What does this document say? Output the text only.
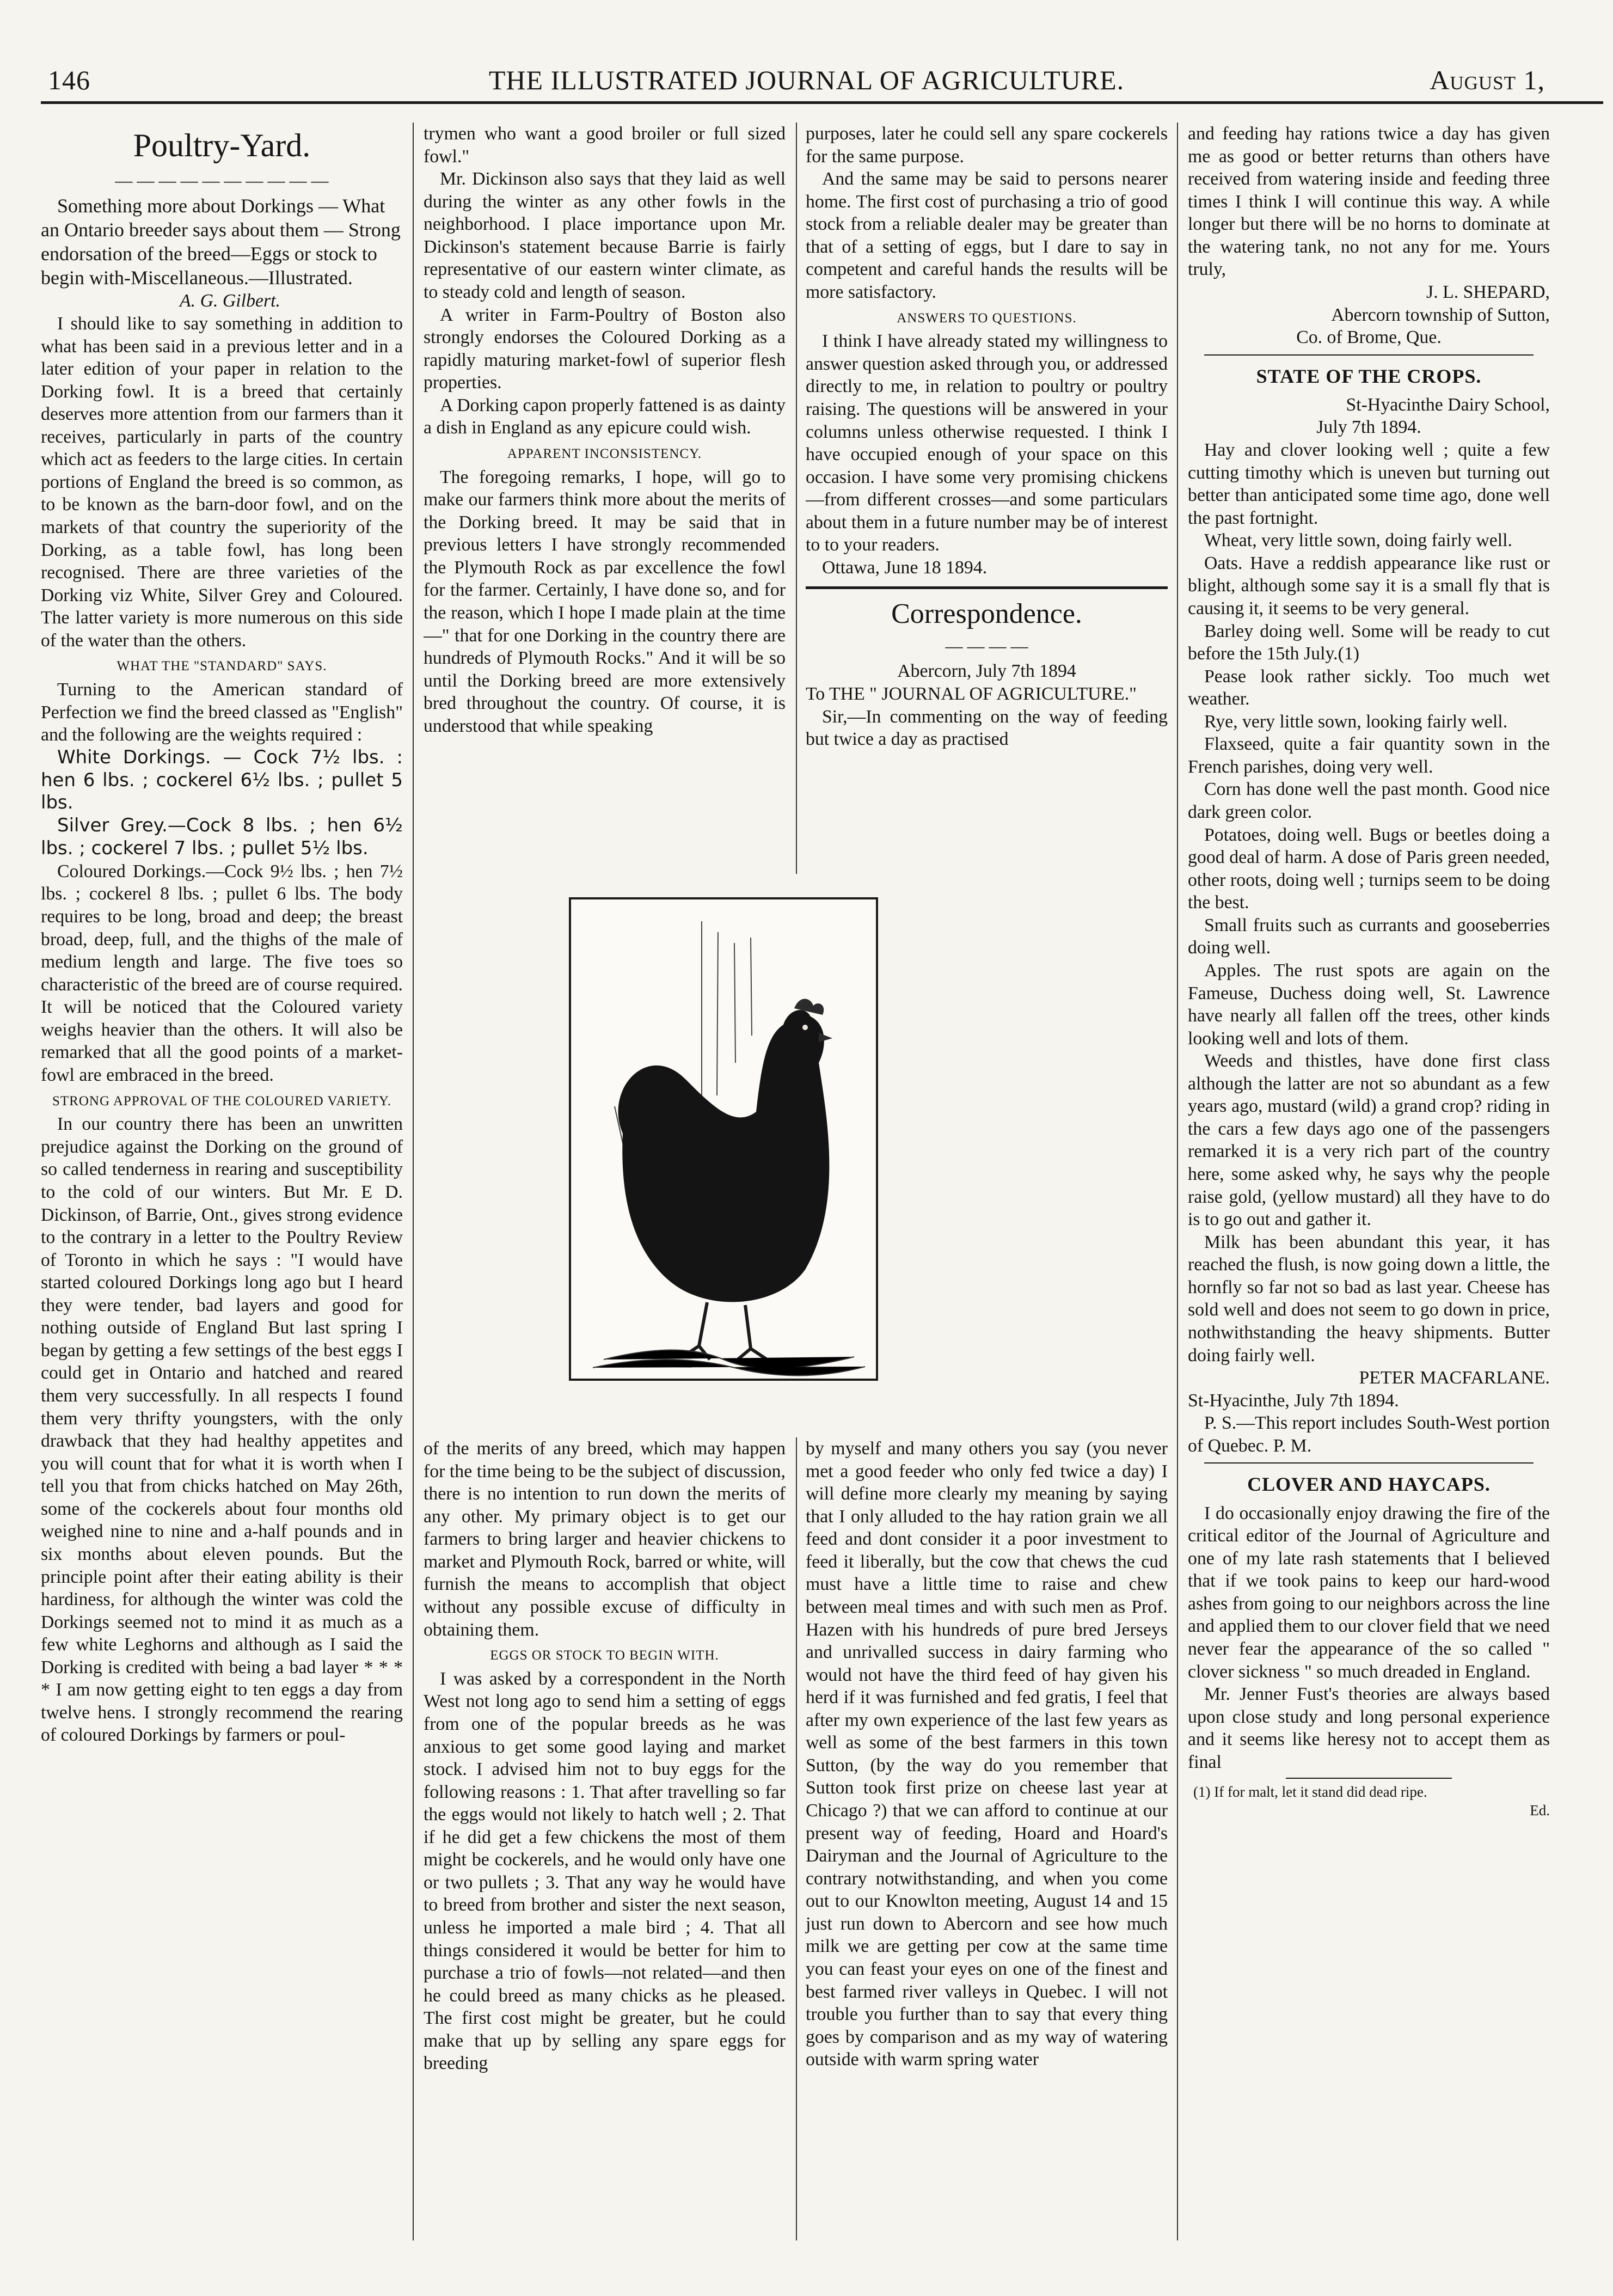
146	THE ILLUSTRATED JOURNAL OF AGRICULTURE.	August 1,
Poultry-Yard.
— — — — — — — — — —

Something more about Dorkings — What an Ontario breeder says about them — Strong endorsation of the breed—Eggs or stock to begin with-Miscellaneous.—Illustrated.

A. G. Gilbert.

I should like to say something in addition to what has been said in a previous letter and in a later edition of your paper in relation to the Dorking fowl. It is a breed that certainly deserves more attention from our farmers than it receives, particularly in parts of the country which act as feeders to the large cities. In certain portions of England the breed is so common, as to be known as the barn-door fowl, and on the markets of that country the superiority of the Dorking, as a table fowl, has long been recognised. There are three varieties of the Dorking viz White, Silver Grey and Coloured. The latter variety is more numerous on this side of the water than the others.

WHAT THE "STANDARD" SAYS.

Turning to the American standard of Perfection we find the breed classed as "English" and the following are the weights required :

White Dorkings. — Cock 7½ lbs. : hen 6 lbs. ; cockerel 6½ lbs. ; pullet 5 lbs.

Silver Grey.—Cock 8 lbs. ; hen 6½ lbs. ; cockerel 7 lbs. ; pullet 5½ lbs.

Coloured Dorkings.—Cock 9½ lbs. ; hen 7½ lbs. ; cockerel 8 lbs. ; pullet 6 lbs. The body requires to be long, broad and deep; the breast broad, deep, full, and the thighs of the male of medium length and large. The five toes so characteristic of the breed are of course required. It will be noticed that the Coloured variety weighs heavier than the others. It will also be remarked that all the good points of a market-fowl are embraced in the breed.

STRONG APPROVAL OF THE COLOURED VARIETY.

In our country there has been an unwritten prejudice against the Dorking on the ground of so called tenderness in rearing and susceptibility to the cold of our winters. But Mr. E D. Dickinson, of Barrie, Ont., gives strong evidence to the contrary in a letter to the Poultry Review of Toronto in which he says : "I would have started coloured Dorkings long ago but I heard they were tender, bad layers and good for nothing outside of England But last spring I began by getting a few settings of the best eggs I could get in Ontario and hatched and reared them very successfully. In all respects I found them very thrifty youngsters, with the only drawback that they had healthy appetites and you will count that for what it is worth when I tell you that from chicks hatched on May 26th, some of the cockerels about four months old weighed nine to nine and a-half pounds and in six months about eleven pounds. But the principle point after their eating ability is their hardiness, for although the winter was cold the Dorkings seemed not to mind it as much as a few white Leghorns and although as I said the Dorking is credited with being a bad layer * * * * I am now getting eight to ten eggs a day from twelve hens. I strongly recommend the rearing of coloured Dorkings by farmers or poul-

trymen who want a good broiler or full sized fowl."

Mr. Dickinson also says that they laid as well during the winter as any other fowls in the neighborhood. I place importance upon Mr. Dickinson's statement because Barrie is fairly representative of our eastern winter climate, as to steady cold and length of season.

A writer in Farm-Poultry of Boston also strongly endorses the Coloured Dorking as a rapidly maturing market-fowl of superior flesh properties.

A Dorking capon properly fattened is as dainty a dish in England as any epicure could wish.

APPARENT INCONSISTENCY.

The foregoing remarks, I hope, will go to make our farmers think more about the merits of the Dorking breed. It may be said that in previous letters I have strongly recommended the Plymouth Rock as par excellence the fowl for the farmer. Certainly, I have done so, and for the reason, which I hope I made plain at the time—" that for one Dorking in the country there are hundreds of Plymouth Rocks." And it will be so until the Dorking breed are more extensively bred throughout the country. Of course, it is understood that while speaking

purposes, later he could sell any spare cockerels for the same purpose.

And the same may be said to persons nearer home. The first cost of purchasing a trio of good stock from a reliable dealer may be greater than that of a setting of eggs, but I dare to say in competent and careful hands the results will be more satisfactory.

ANSWERS TO QUESTIONS.

I think I have already stated my willingness to answer question asked through you, or addressed directly to me, in relation to poultry or poultry raising. The questions will be answered in your columns unless otherwise requested. I think I have occupied enough of your space on this occasion. I have some very promising chickens—from different crosses—and some particulars about them in a future number may be of interest to to your readers.

Ottawa, June 18 1894.

Correspondence.
— — — —

Abercorn, July 7th 1894

To THE " JOURNAL OF AGRICULTURE."

Sir,—In commenting on the way of feeding but twice a day as practised

of the merits of any breed, which may happen for the time being to be the subject of discussion, there is no intention to run down the merits of any other. My primary object is to get our farmers to bring larger and heavier chickens to market and Plymouth Rock, barred or white, will furnish the means to accomplish that object without any possible excuse of difficulty in obtaining them.

EGGS OR STOCK TO BEGIN WITH.

I was asked by a correspondent in the North West not long ago to send him a setting of eggs from one of the popular breeds as he was anxious to get some good laying and market stock. I advised him not to buy eggs for the following reasons : 1. That after travelling so far the eggs would not likely to hatch well ; 2. That if he did get a few chickens the most of them might be cockerels, and he would only have one or two pullets ; 3. That any way he would have to breed from brother and sister the next season, unless he imported a male bird ; 4. That all things considered it would be better for him to purchase a trio of fowls—not related—and then he could breed as many chicks as he pleased. The first cost might be greater, but he could make that up by selling any spare eggs for breeding

by myself and many others you say (you never met a good feeder who only fed twice a day) I will define more clearly my meaning by saying that I only alluded to the hay ration grain we all feed and dont consider it a poor investment to feed it liberally, but the cow that chews the cud must have a little time to raise and chew between meal times and with such men as Prof. Hazen with his hundreds of pure bred Jerseys and unrivalled success in dairy farming who would not have the third feed of hay given his herd if it was furnished and fed gratis, I feel that after my own experience of the last few years as well as some of the best farmers in this town Sutton, (by the way do you remember that Sutton took first prize on cheese last year at Chicago ?) that we can afford to continue at our present way of feeding, Hoard and Hoard's Dairyman and the Journal of Agriculture to the contrary notwithstanding, and when you come out to our Knowlton meeting, August 14 and 15 just run down to Abercorn and see how much milk we are getting per cow at the same time you can feast your eyes on one of the finest and best farmed river valleys in Quebec. I will not trouble you further than to say that every thing goes by comparison and as my way of watering outside with warm spring water

and feeding hay rations twice a day has given me as good or better returns than others have received from watering inside and feeding three times I think I will continue this way. A while longer but there will be no horns to dominate at the watering tank, no not any for me. Yours truly,

J. L. SHEPARD,

Abercorn township of Sutton,

Co. of Brome, Que.

STATE OF THE CROPS.

St-Hyacinthe Dairy School,

July 7th 1894.

Hay and clover looking well ; quite a few cutting timothy which is uneven but turning out better than anticipated some time ago, done well the past fortnight.

Wheat, very little sown, doing fairly well.

Oats. Have a reddish appearance like rust or blight, although some say it is a small fly that is causing it, it seems to be very general.

Barley doing well. Some will be ready to cut before the 15th July.(1)

Pease look rather sickly. Too much wet weather.

Rye, very little sown, looking fairly well.

Flaxseed, quite a fair quantity sown in the French parishes, doing very well.

Corn has done well the past month. Good nice dark green color.

Potatoes, doing well. Bugs or beetles doing a good deal of harm. A dose of Paris green needed, other roots, doing well ; turnips seem to be doing the best.

Small fruits such as currants and gooseberries doing well.

Apples. The rust spots are again on the Fameuse, Duchess doing well, St. Lawrence have nearly all fallen off the trees, other kinds looking well and lots of them.

Weeds and thistles, have done first class although the latter are not so abundant as a few years ago, mustard (wild) a grand crop? riding in the cars a few days ago one of the passengers remarked it is a very rich part of the country here, some asked why, he says why the people raise gold, (yellow mustard) all they have to do is to go out and gather it.

Milk has been abundant this year, it has reached the flush, is now going down a little, the hornfly so far not so bad as last year. Cheese has sold well and does not seem to go down in price, nothwithstanding the heavy shipments. Butter doing fairly well.

PETER MACFARLANE.

St-Hyacinthe, July 7th 1894.

P. S.—This report includes South-West portion of Quebec. P. M.

CLOVER AND HAYCAPS.

I do occasionally enjoy drawing the fire of the critical editor of the Journal of Agriculture and one of my late rash statements that I believed that if we took pains to keep our hard-wood ashes from going to our neighbors across the line and applied them to our clover field that we need never fear the appearance of the so called " clover sickness " so much dreaded in England.

Mr. Jenner Fust's theories are always based upon close study and long personal experience and it seems like heresy not to accept them as final

(1) If for malt, let it stand did dead ripe.

Ed.
